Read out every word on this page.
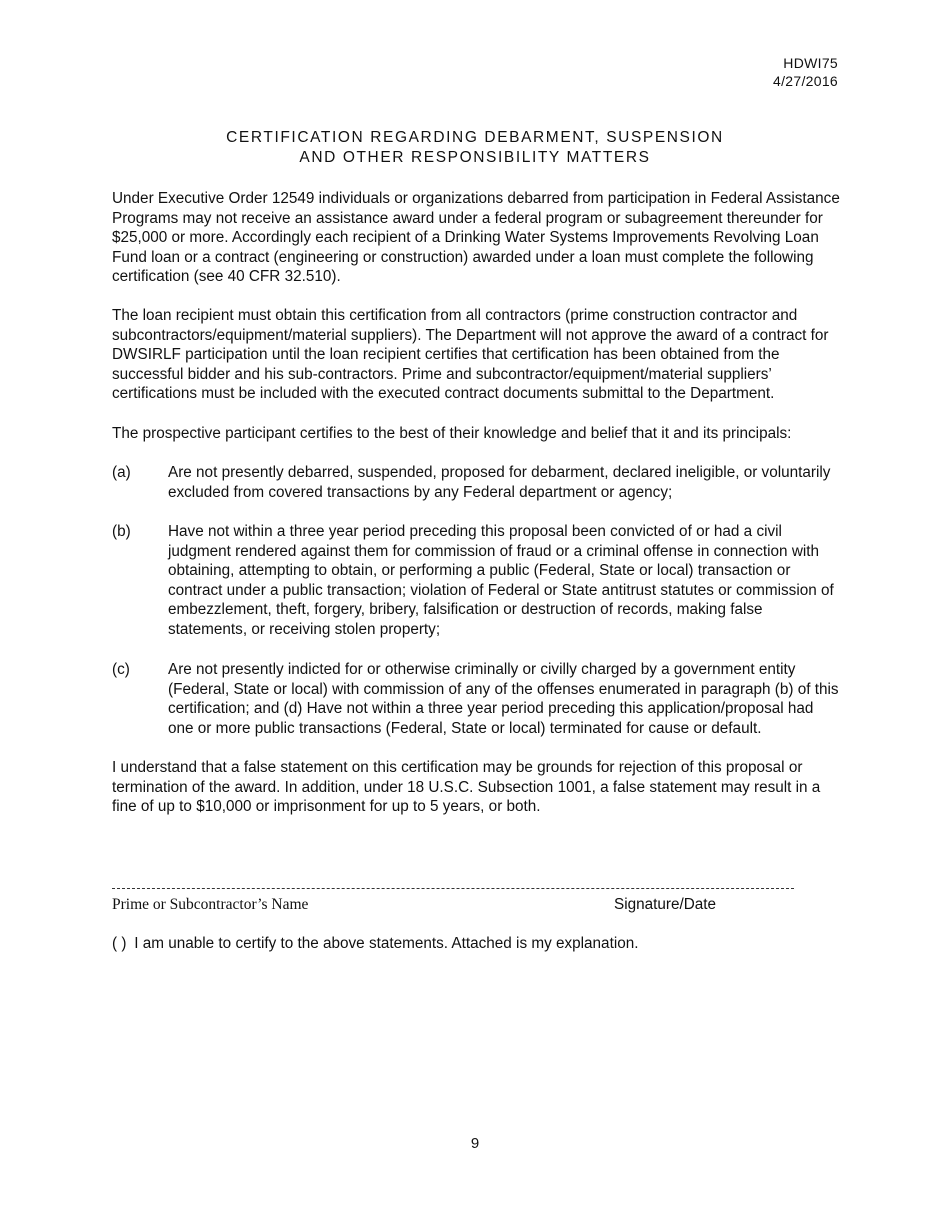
HDWI75
4/27/2016
CERTIFICATION REGARDING DEBARMENT, SUSPENSION
AND OTHER RESPONSIBILITY MATTERS
Under Executive Order 12549 individuals or organizations debarred from participation in Federal Assistance Programs may not receive an assistance award under a federal program or subagreement thereunder for $25,000 or more. Accordingly each recipient of a Drinking Water Systems Improvements Revolving Loan Fund loan or a contract (engineering or construction) awarded under a loan must complete the following certification (see 40 CFR 32.510).
The loan recipient must obtain this certification from all contractors (prime construction contractor and subcontractors/equipment/material suppliers). The Department will not approve the award of a contract for DWSIRLF participation until the loan recipient certifies that certification has been obtained from the successful bidder and his sub-contractors. Prime and subcontractor/equipment/material suppliers’ certifications must be included with the executed contract documents submittal to the Department.
The prospective participant certifies to the best of their knowledge and belief that it and its principals:
(a) Are not presently debarred, suspended, proposed for debarment, declared ineligible, or voluntarily excluded from covered transactions by any Federal department or agency;
(b) Have not within a three year period preceding this proposal been convicted of or had a civil judgment rendered against them for commission of fraud or a criminal offense in connection with obtaining, attempting to obtain, or performing a public (Federal, State or local) transaction or contract under a public transaction; violation of Federal or State antitrust statutes or commission of embezzlement, theft, forgery, bribery, falsification or destruction of records, making false statements, or receiving stolen property;
(c) Are not presently indicted for or otherwise criminally or civilly charged by a government entity (Federal, State or local) with commission of any of the offenses enumerated in paragraph (b) of this certification; and (d) Have not within a three year period preceding this application/proposal had one or more public transactions (Federal, State or local) terminated for cause or default.
I understand that a false statement on this certification may be grounds for rejection of this proposal or termination of the award. In addition, under 18 U.S.C. Subsection 1001, a false statement may result in a fine of up to $10,000 or imprisonment for up to 5 years, or both.
Prime or Subcontractor’s Name	Signature/Date
( ) I am unable to certify to the above statements. Attached is my explanation.
9
